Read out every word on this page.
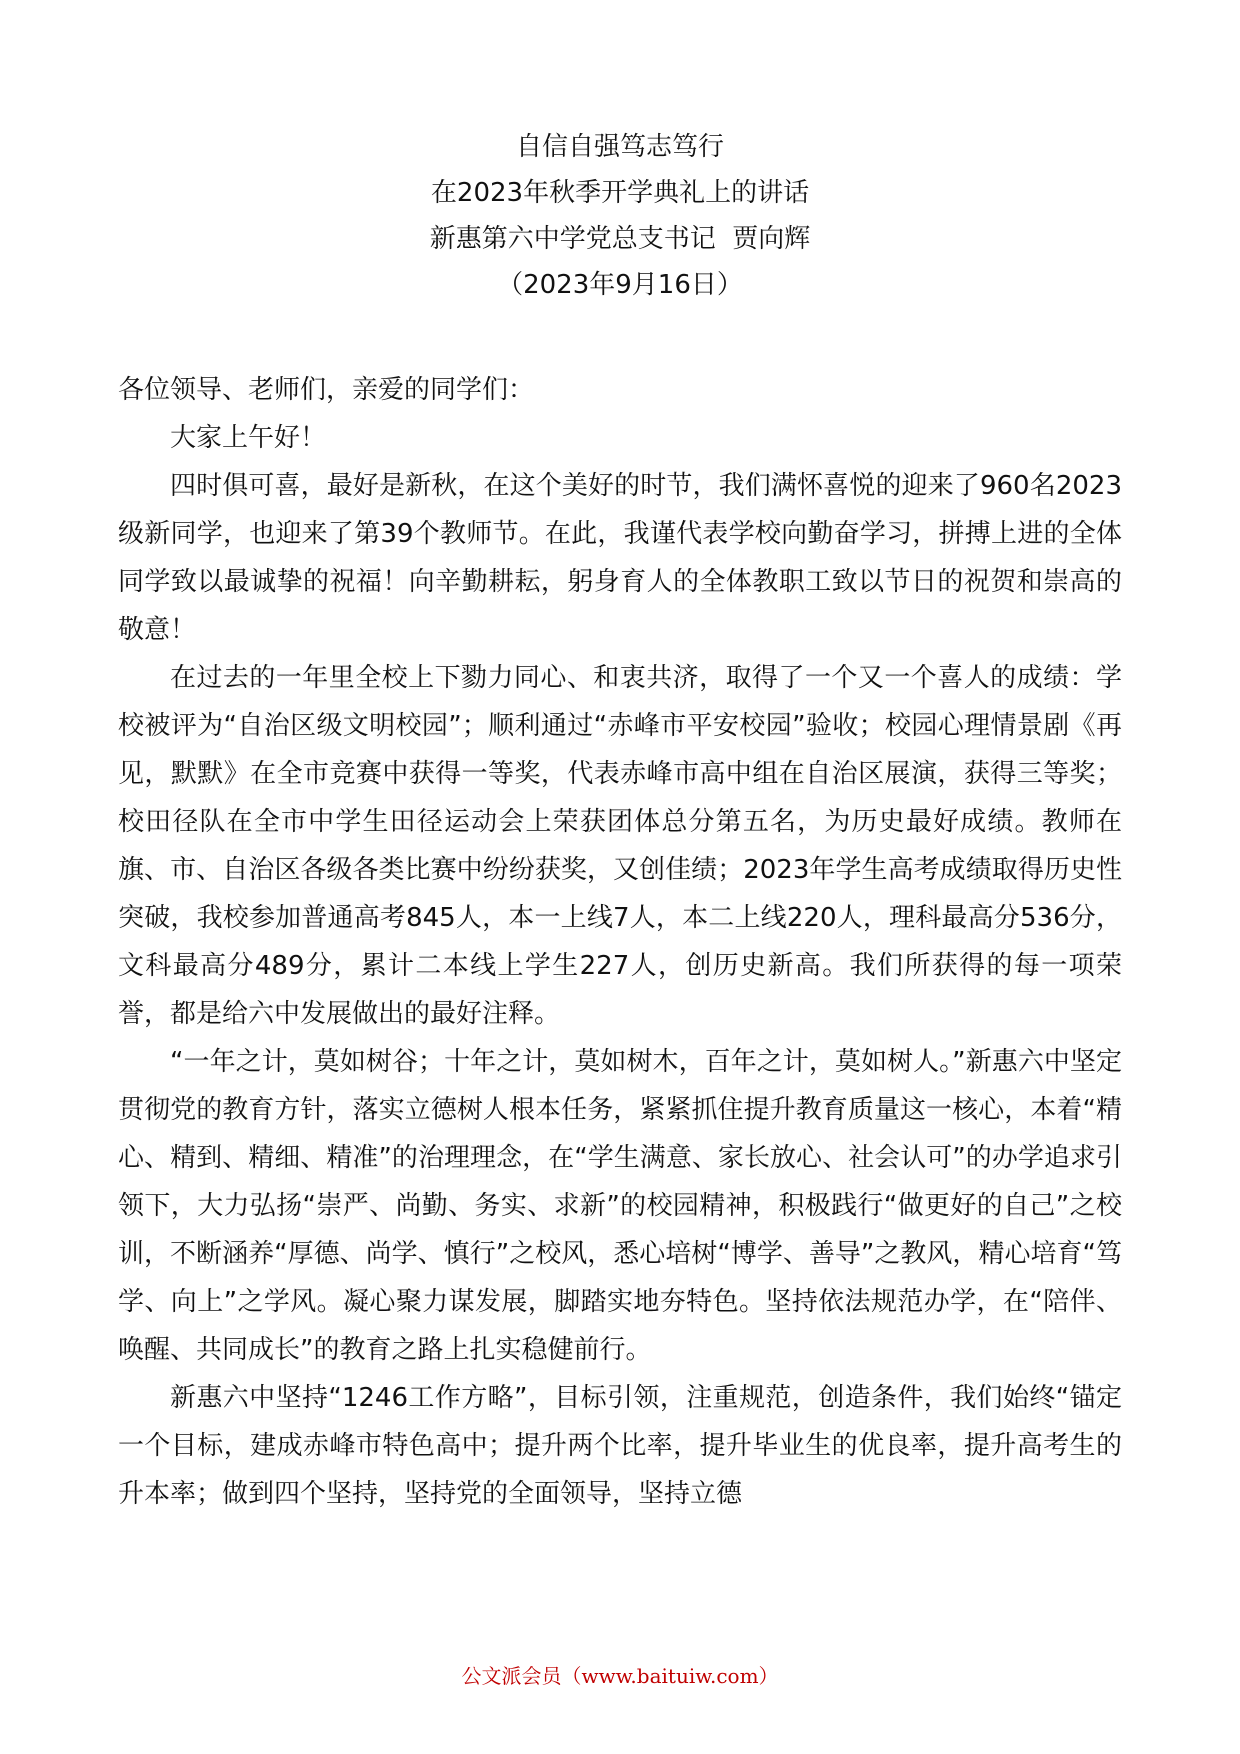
自信自强笃志笃行
在2023年秋季开学典礼上的讲话
新惠第六中学党总支书记  贾向辉
（2023年9月16日）

各位领导、老师们，亲爱的同学们：

大家上午好！

四时俱可喜，最好是新秋，在这个美好的时节，我们满怀喜悦的迎来了960名2023级新同学，也迎来了第39个教师节。在此，我谨代表学校向勤奋学习，拼搏上进的全体同学致以最诚挚的祝福！向辛勤耕耘，躬身育人的全体教职工致以节日的祝贺和崇高的敬意！

在过去的一年里全校上下勠力同心、和衷共济，取得了一个又一个喜人的成绩：学校被评为“自治区级文明校园”；顺利通过“赤峰市平安校园”验收；校园心理情景剧《再见，默默》在全市竞赛中获得一等奖，代表赤峰市高中组在自治区展演，获得三等奖；校田径队在全市中学生田径运动会上荣获团体总分第五名，为历史最好成绩。教师在旗、市、自治区各级各类比赛中纷纷获奖，又创佳绩；2023年学生高考成绩取得历史性突破，我校参加普通高考845人，本一上线7人，本二上线220人，理科最高分536分，文科最高分489分，累计二本线上学生227人，创历史新高。我们所获得的每一项荣誉，都是给六中发展做出的最好注释。

“一年之计，莫如树谷；十年之计，莫如树木，百年之计，莫如树人。”新惠六中坚定贯彻党的教育方针，落实立德树人根本任务，紧紧抓住提升教育质量这一核心，本着“精心、精到、精细、精准”的治理理念，在“学生满意、家长放心、社会认可”的办学追求引领下，大力弘扬“崇严、尚勤、务实、求新”的校园精神，积极践行“做更好的自己”之校训，不断涵养“厚德、尚学、慎行”之校风，悉心培树“博学、善导”之教风，精心培育“笃学、向上”之学风。凝心聚力谋发展，脚踏实地夯特色。坚持依法规范办学，在“陪伴、唤醒、共同成长”的教育之路上扎实稳健前行。

新惠六中坚持“1246工作方略”，目标引领，注重规范，创造条件，我们始终“锚定一个目标，建成赤峰市特色高中；提升两个比率，提升毕业生的优良率，提升高考生的升本率；做到四个坚持，坚持党的全面领导，坚持立德

公文派会员（www.baituiw.com）
